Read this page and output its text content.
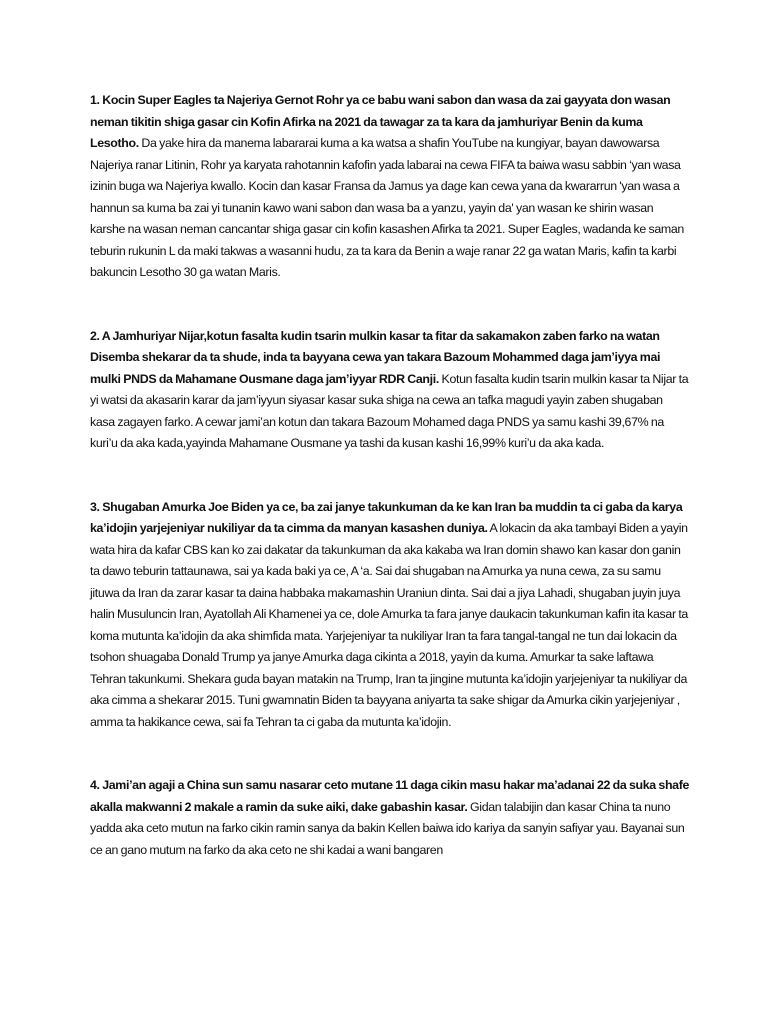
1. Kocin Super Eagles ta Najeriya Gernot Rohr ya ce babu wani sabon dan wasa da zai gayyata don wasan neman tikitin shiga gasar cin Kofin Afirka na 2021 da tawagar za ta kara da jamhuriyar Benin da kuma Lesotho. Da yake hira da manema labararai kuma a ka watsa a shafin YouTube na kungiyar, bayan dawowarsa Najeriya ranar Litinin, Rohr ya karyata rahotannin kafofin yada labarai na cewa FIFA ta baiwa wasu sabbin ‘yan wasa izinin buga wa Najeriya kwallo. Kocin dan kasar Fransa da Jamus ya dage kan cewa yana da kwararrun 'yan wasa a hannun sa kuma ba zai yi tunanin kawo wani sabon dan wasa ba a yanzu, yayin da' yan wasan ke shirin wasan karshe na wasan neman cancantar shiga gasar cin kofin kasashen Afirka ta 2021. Super Eagles, wadanda ke saman teburin rukunin L da maki takwas a wasanni hudu, za ta kara da Benin a waje ranar 22 ga watan Maris, kafin ta karbi bakuncin Lesotho 30 ga watan Maris.

2. A Jamhuriyar Nijar,kotun fasalta kudin tsarin mulkin kasar ta fitar da sakamakon zaben farko na watan Disemba shekarar da ta shude, inda ta bayyana cewa yan takara Bazoum Mohammed daga jam’iyya mai mulki PNDS da Mahamane Ousmane daga jam’iyyar RDR Canji. Kotun fasalta kudin tsarin mulkin kasar ta Nijar ta yi watsi da akasarin karar da jam’iyyun siyasar kasar suka shiga na cewa an tafka magudi yayin zaben shugaban kasa zagayen farko. A cewar jami’an kotun dan takara Bazoum Mohamed daga PNDS ya samu kashi 39,67% na kuri’u da aka kada,yayinda Mahamane Ousmane ya tashi da kusan kashi 16,99% kuri’u da aka kada.

3. Shugaban Amurka Joe Biden ya ce, ba zai janye takunkuman da ke kan Iran ba muddin ta ci gaba da karya ka’idojin yarjejeniyar nukiliyar da ta cimma da manyan kasashen duniya. A lokacin da aka tambayi Biden a yayin wata hira da kafar CBS kan ko zai dakatar da takunkuman da aka kakaba wa Iran domin shawo kan kasar don ganin ta dawo teburin tattaunawa, sai ya kada baki ya ce, A ‘a. Sai dai shugaban na Amurka ya nuna cewa, za su samu jituwa da Iran da zarar kasar ta daina habbaka makamashin Uraniun dinta. Sai dai a jiya Lahadi, shugaban juyin juya halin Musuluncin Iran, Ayatollah Ali Khamenei ya ce, dole Amurka ta fara janye daukacin takunkuman kafin ita kasar ta koma mutunta ka’idojin da aka shimfida mata. Yarjejeniyar ta nukiliyar Iran ta fara tangal-tangal ne tun dai lokacin da tsohon shuagaba Donald Trump ya janye Amurka daga cikinta a 2018, yayin da kuma. Amurkar ta sake laftawa Tehran takunkumi. Shekara guda bayan matakin na Trump, Iran ta jingine mutunta ka’idojin yarjejeniyar ta nukiliyar da aka cimma a shekarar 2015. Tuni gwamnatin Biden ta bayyana aniyarta ta sake shigar da Amurka cikin yarjejeniyar , amma ta hakikance cewa, sai fa Tehran ta ci gaba da mutunta ka’idojin.

4. Jami’an agaji a China sun samu nasarar ceto mutane 11 daga cikin masu hakar ma’adanai 22 da suka shafe akalla makwanni 2 makale a ramin da suke aiki, dake gabashin kasar. Gidan talabijin dan kasar China ta nuno yadda aka ceto mutun na farko cikin ramin sanya da bakin Kellen baiwa ido kariya da sanyin safiyar yau. Bayanai sun ce an gano mutum na farko da aka ceto ne shi kadai a wani bangaren
